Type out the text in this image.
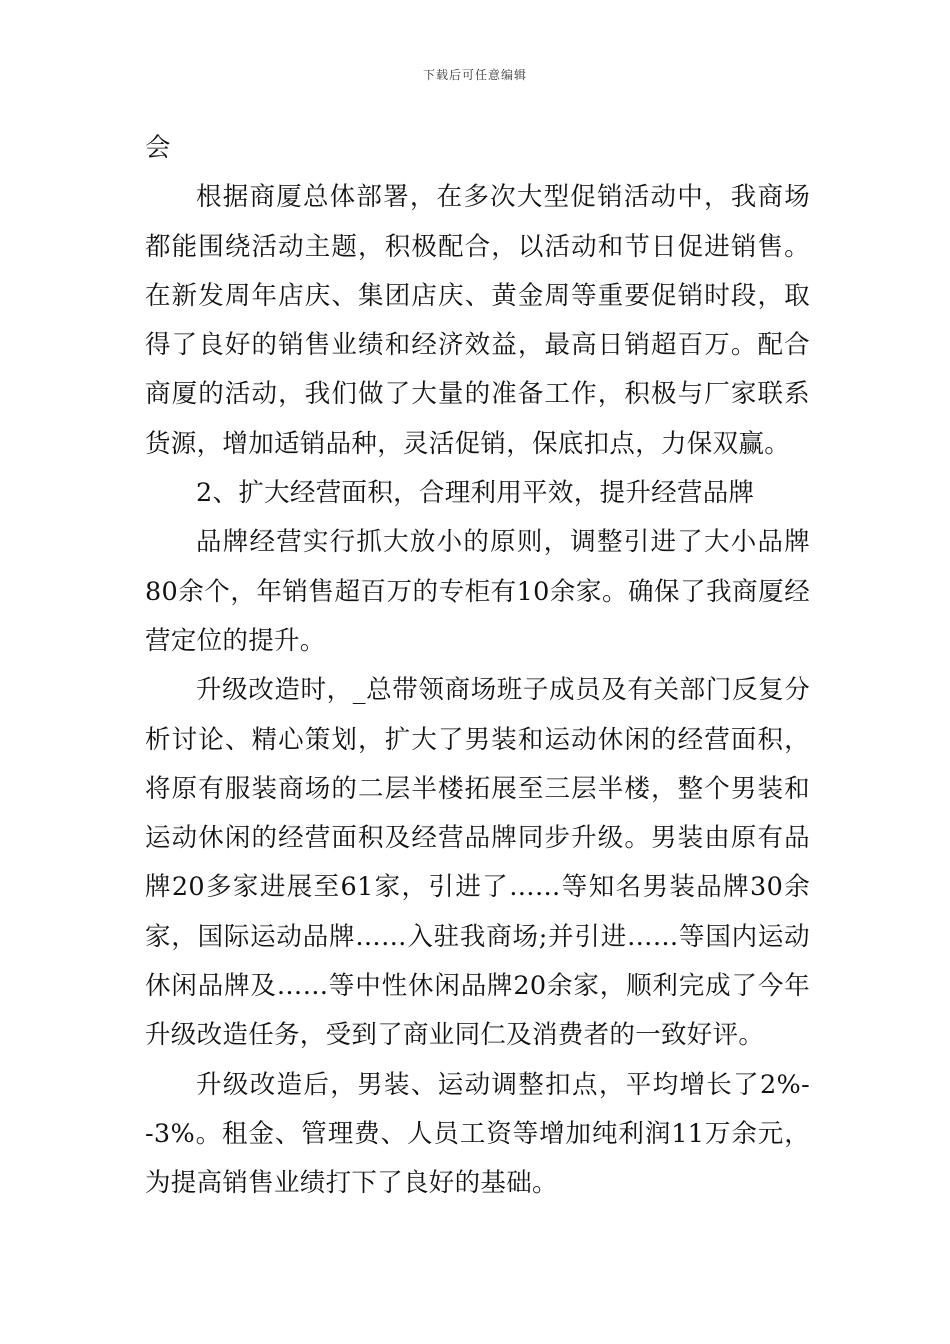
下载后可任意编辑

会

根据商厦总体部署，在多次大型促销活动中，我商场都能围绕活动主题，积极配合，以活动和节日促进销售。在新发周年店庆、集团店庆、黄金周等重要促销时段，取得了良好的销售业绩和经济效益，最高日销超百万。配合商厦的活动，我们做了大量的准备工作，积极与厂家联系货源，增加适销品种，灵活促销，保底扣点，力保双赢。

2、扩大经营面积，合理利用平效，提升经营品牌

品牌经营实行抓大放小的原则，调整引进了大小品牌80余个，年销售超百万的专柜有10余家。确保了我商厦经营定位的提升。

升级改造时，_总带领商场班子成员及有关部门反复分析讨论、精心策划，扩大了男装和运动休闲的经营面积，将原有服装商场的二层半楼拓展至三层半楼，整个男装和运动休闲的经营面积及经营品牌同步升级。男装由原有品牌20多家进展至61家，引进了……等知名男装品牌30余家，国际运动品牌……入驻我商场;并引进……等国内运动休闲品牌及……等中性休闲品牌20余家，顺利完成了今年升级改造任务，受到了商业同仁及消费者的一致好评。

升级改造后，男装、运动调整扣点，平均增长了2%--3%。租金、管理费、人员工资等增加纯利润11万余元，为提高销售业绩打下了良好的基础。
